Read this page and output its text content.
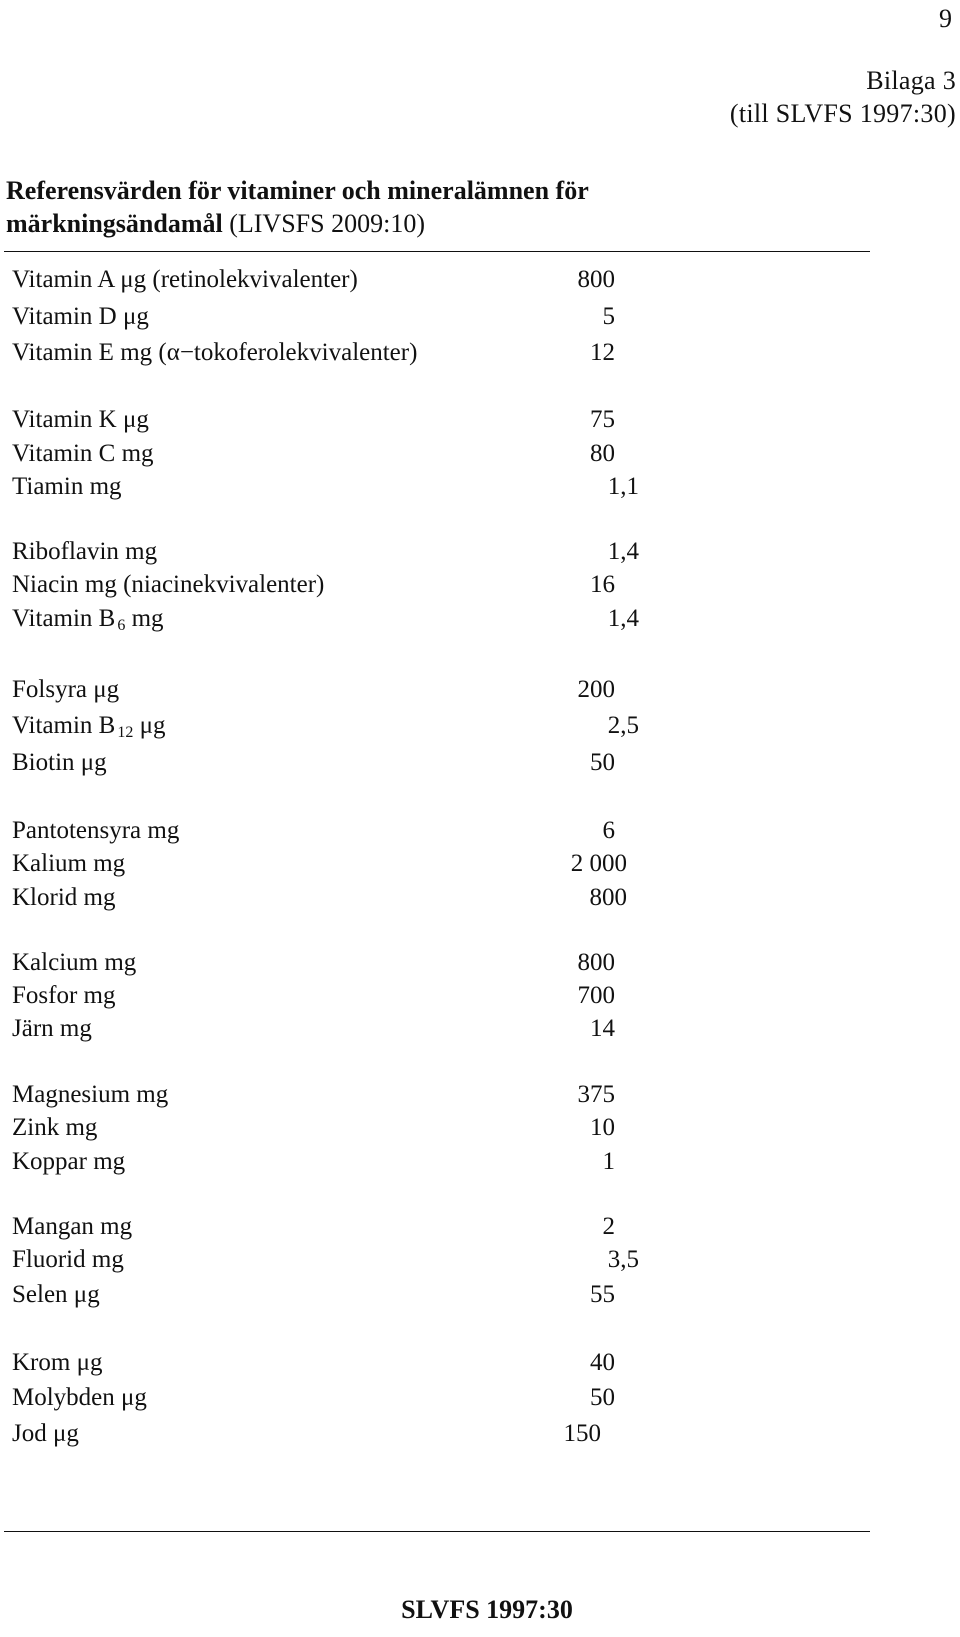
9
Bilaga 3
(till SLVFS 1997:30)
Referensvärden för vitaminer och mineralämnen för märkningsändamål (LIVSFS 2009:10)
Vitamin A μg (retinolekvivalenter)	800
Vitamin D μg	5
Vitamin E mg (α−tokoferolekvivalenter)	12
Vitamin K μg	75
Vitamin C mg	80
Tiamin mg	1,1
Riboflavin mg	1,4
Niacin mg (niacinekvivalenter)	16
Vitamin B $_6$ mg	1,4
Folsyra μg	200
Vitamin B $_{12}$ μg	2,5
Biotin μg	50
Pantotensyra mg	6
Kalium mg	2 000
Klorid mg	800
Kalcium mg	800
Fosfor mg	700
Järn mg	14
Magnesium mg	375
Zink mg	10
Koppar mg	1
Mangan mg	2
Fluorid mg	3,5
Selen μg	55
Krom μg	40
Molybden μg	50
Jod μg	150
SLVFS 1997:30
